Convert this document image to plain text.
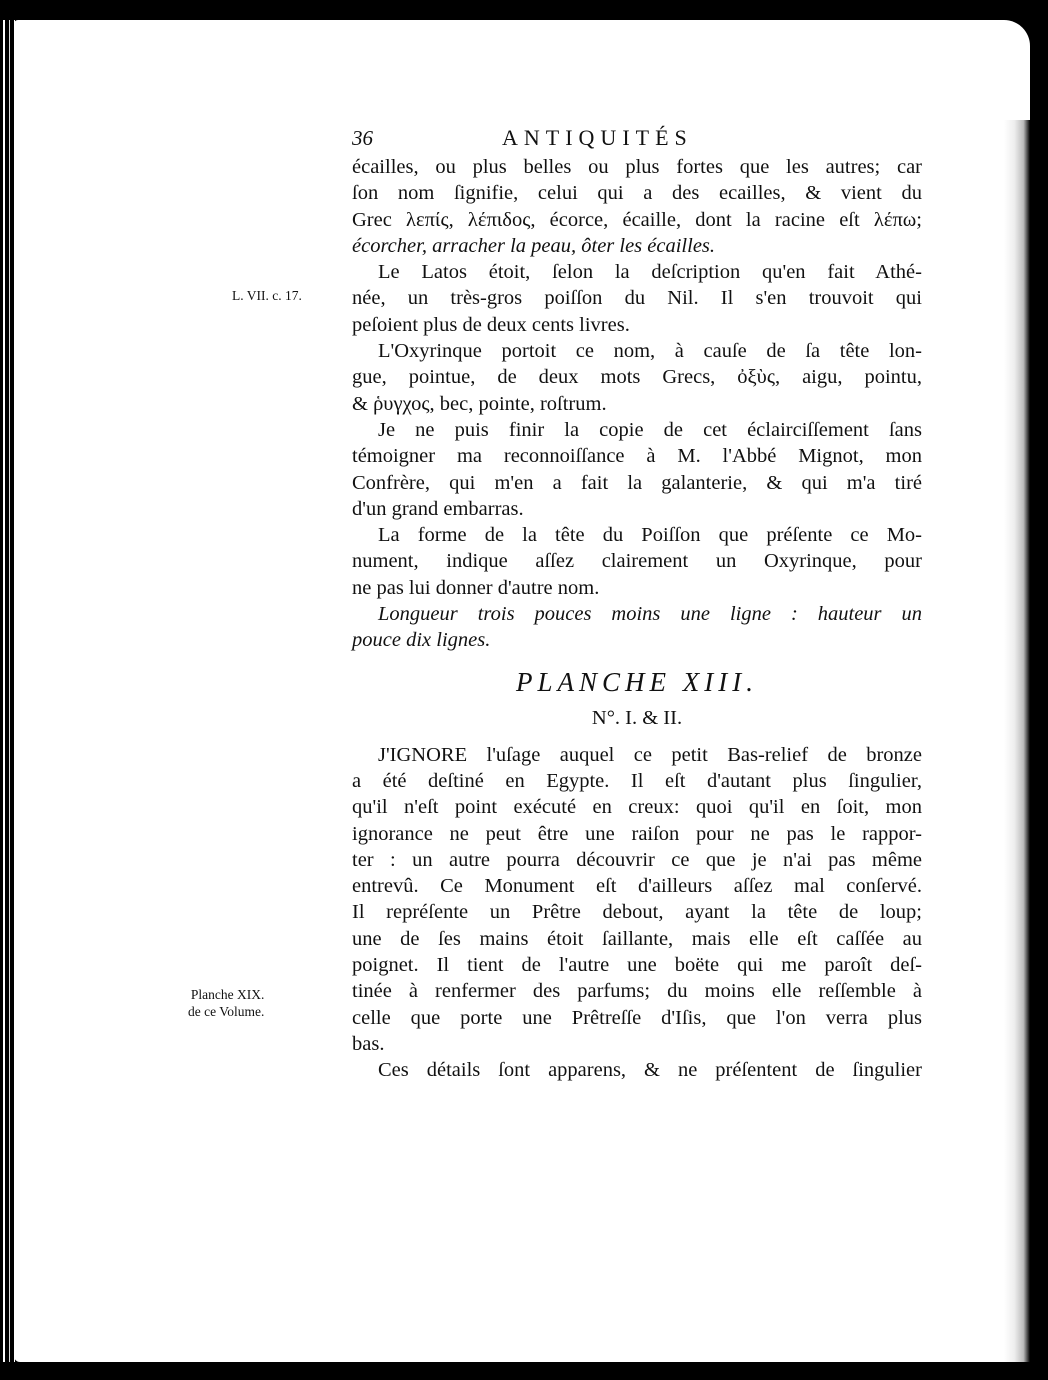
L. VII. c. 17.
Planche XIX.
de ce Volume.
36	ANTIQUITÉS
écailles, ou plus belles ou plus fortes que les autres; car
ſon nom ſignifie, celui qui a des ecailles, & vient du
Grec λεπίς, λέπιδος, écorce, écaille, dont la racine eſt λέπω;
écorcher, arracher la peau, ôter les écailles.
Le Latos étoit, ſelon la deſcription qu'en fait Athé-
née, un très-gros poiſſon du Nil. Il s'en trouvoit qui
peſoient plus de deux cents livres.
L'Oxyrinque portoit ce nom, à cauſe de ſa tête lon-
gue, pointue, de deux mots Grecs, ὀξὺς, aigu, pointu,
& ῥυγχος, bec, pointe, roſtrum.
Je ne puis finir la copie de cet éclairciſſement ſans
témoigner ma reconnoiſſance à M. l'Abbé Mignot, mon
Confrère, qui m'en a fait la galanterie, & qui m'a tiré
d'un grand embarras.
La forme de la tête du Poiſſon que préſente ce Mo-
nument, indique aſſez clairement un Oxyrinque, pour
ne pas lui donner d'autre nom.
Longueur trois pouces moins une ligne : hauteur un
pouce dix lignes.
PLANCHE XIII.
N°. I. & II.
J'IGNORE l'uſage auquel ce petit Bas-relief de bronze
a été deſtiné en Egypte. Il eſt d'autant plus ſingulier,
qu'il n'eſt point exécuté en creux: quoi qu'il en ſoit, mon
ignorance ne peut être une raiſon pour ne pas le rappor-
ter : un autre pourra découvrir ce que je n'ai pas même
entrevû. Ce Monument eſt d'ailleurs aſſez mal conſervé.
Il repréſente un Prêtre debout, ayant la tête de loup;
une de ſes mains étoit ſaillante, mais elle eſt caſſée au
poignet. Il tient de l'autre une boëte qui me paroît deſ-
tinée à renfermer des parfums; du moins elle reſſemble à
celle que porte une Prêtreſſe d'Iſis, que l'on verra plus
bas.
Ces détails ſont apparens, & ne préſentent de ſingulier
